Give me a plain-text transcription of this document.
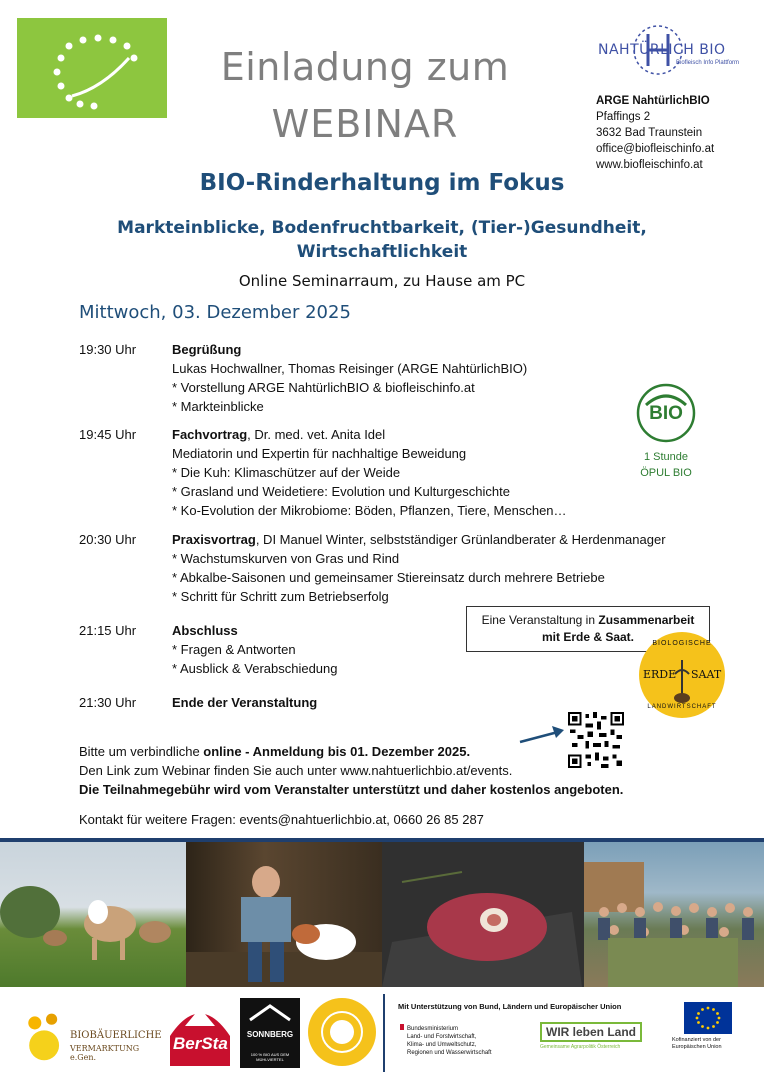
Einladung zum
WEBINAR
NAHTÜRLICH BIO
Biofleisch Info Plattform
ARGE NahtürlichBIO
Pfaffings 2
3632 Bad Traunstein
office@biofleischinfo.at
www.biofleischinfo.at
BIO-Rinderhaltung im Fokus
Markteinblicke, Bodenfruchtbarkeit, (Tier-)Gesundheit,
Wirtschaftlichkeit
Online Seminarraum, zu Hause am PC
Mittwoch, 03. Dezember 2025
19:30 Uhr	Begrüßung
Lukas Hochwallner, Thomas Reisinger (ARGE NahtürlichBIO)
* Vorstellung ARGE NahtürlichBIO & biofleischinfo.at
* Markteinblicke
19:45 Uhr	Fachvortrag, Dr. med. vet. Anita Idel
Mediatorin und Expertin für nachhaltige Beweidung
* Die Kuh: Klimaschützer auf der Weide
* Grasland und Weidetiere: Evolution und Kulturgeschichte
* Ko-Evolution der Mikrobiome: Böden, Pflanzen, Tiere, Menschen…
20:30 Uhr	Praxisvortrag, DI Manuel Winter, selbstständiger Grünlandberater & Herdenmanager
* Wachstumskurven von Gras und Rind
* Abkalbe-Saisonen und gemeinsamer Stiereinsatz durch mehrere Betriebe
* Schritt für Schritt zum Betriebserfolg
21:15 Uhr	Abschluss
* Fragen & Antworten
* Ausblick & Verabschiedung
21:30 Uhr	Ende der Veranstaltung
BIO
1 Stunde
ÖPUL BIO
Eine Veranstaltung in Zusammenarbeit
mit Erde & Saat.	BIOLOGISCHE
ERDE SAAT
LANDWIRTSCHAFT
Bitte um verbindliche online - Anmeldung bis 01. Dezember 2025.
Den Link zum Webinar finden Sie auch unter www.nahtuerlichbio.at/events.
Die Teilnahmegebühr wird vom Veranstalter unterstützt und daher kostenlos angeboten.
Kontakt für weitere Fragen: events@nahtuerlichbio.at, 0660 26 85 287
BIOBÄUERLICHE
VERMARKTUNG e.Gen.
BerSta	SONNBERG
100 % BIO AUS DEM MÜHLVIERTEL
Mit Unterstützung von Bund, Ländern und Europäischer Union
Bundesministerium
Land- und Forstwirtschaft,
Klima- und Umweltschutz,
Regionen und Wasserwirtschaft
WIR leben Land
Gemeinsame Agrarpolitik Österreich
Kofinanziert von der
Europäischen Union
